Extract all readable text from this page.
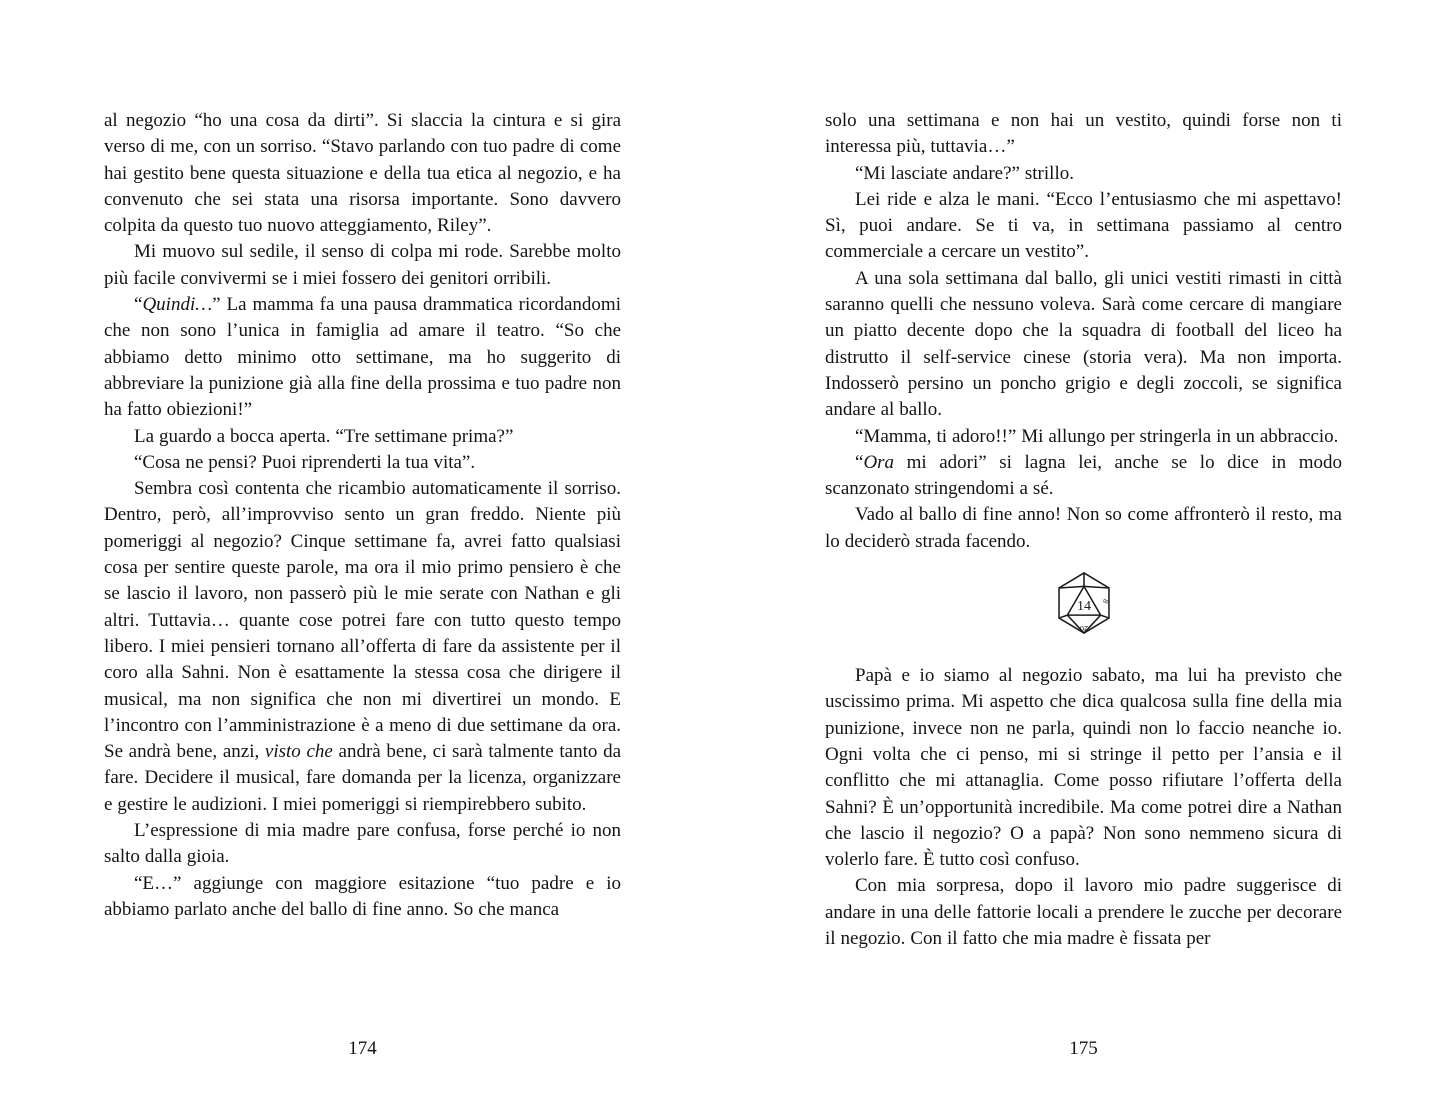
al negozio “ho una cosa da dirti”. Si slaccia la cintura e si gira verso di me, con un sorriso. “Stavo parlando con tuo padre di come hai gestito bene questa situazione e della tua etica al negozio, e ha convenuto che sei stata una risorsa importante. Sono davvero colpita da questo tuo nuovo atteggiamento, Riley”.

Mi muovo sul sedile, il senso di colpa mi rode. Sarebbe molto più facile convivermi se i miei fossero dei genitori orribili.

“Quindi…” La mamma fa una pausa drammatica ricordandomi che non sono l’unica in famiglia ad amare il teatro. “So che abbiamo detto minimo otto settimane, ma ho suggerito di abbreviare la punizione già alla fine della prossima e tuo padre non ha fatto obiezioni!”

La guardo a bocca aperta. “Tre settimane prima?”

“Cosa ne pensi? Puoi riprenderti la tua vita”.

Sembra così contenta che ricambio automaticamente il sorriso. Dentro, però, all’improvviso sento un gran freddo. Niente più pomeriggi al negozio? Cinque settimane fa, avrei fatto qualsiasi cosa per sentire queste parole, ma ora il mio primo pensiero è che se lascio il lavoro, non passerò più le mie serate con Nathan e gli altri. Tuttavia… quante cose potrei fare con tutto questo tempo libero. I miei pensieri tornano all’offerta di fare da assistente per il coro alla Sahni. Non è esattamente la stessa cosa che dirigere il musical, ma non significa che non mi divertirei un mondo. E l’incontro con l’amministrazione è a meno di due settimane da ora. Se andrà bene, anzi, visto che andrà bene, ci sarà talmente tanto da fare. Decidere il musical, fare domanda per la licenza, organizzare e gestire le audizioni. I miei pomeriggi si riempirebbero subito.

L’espressione di mia madre pare confusa, forse perché io non salto dalla gioia.

“E…” aggiunge con maggiore esitazione “tuo padre e io abbiamo parlato anche del ballo di fine anno. So che manca

solo una settimana e non hai un vestito, quindi forse non ti interessa più, tuttavia…”

“Mi lasciate andare?” strillo.

Lei ride e alza le mani. “Ecco l’entusiasmo che mi aspettavo! Sì, puoi andare. Se ti va, in settimana passiamo al centro commerciale a cercare un vestito”.

A una sola settimana dal ballo, gli unici vestiti rimasti in città saranno quelli che nessuno voleva. Sarà come cercare di mangiare un piatto decente dopo che la squadra di football del liceo ha distrutto il self-service cinese (storia vera). Ma non importa. Indosserò persino un poncho grigio e degli zoccoli, se significa andare al ballo.

“Mamma, ti adoro!!” Mi allungo per stringerla in un abbraccio.

“Ora mi adori” si lagna lei, anche se lo dice in modo scanzonato stringendomi a sé.

Vado al ballo di fine anno! Non so come affronterò il resto, ma lo deciderò strada facendo.

14
20
8

Papà e io siamo al negozio sabato, ma lui ha previsto che uscissimo prima. Mi aspetto che dica qualcosa sulla fine della mia punizione, invece non ne parla, quindi non lo faccio neanche io. Ogni volta che ci penso, mi si stringe il petto per l’ansia e il conflitto che mi attanaglia. Come posso rifiutare l’offerta della Sahni? È un’opportunità incredibile. Ma come potrei dire a Nathan che lascio il negozio? O a papà? Non sono nemmeno sicura di volerlo fare. È tutto così confuso.

Con mia sorpresa, dopo il lavoro mio padre suggerisce di andare in una delle fattorie locali a prendere le zucche per decorare il negozio. Con il fatto che mia madre è fissata per

174	175
